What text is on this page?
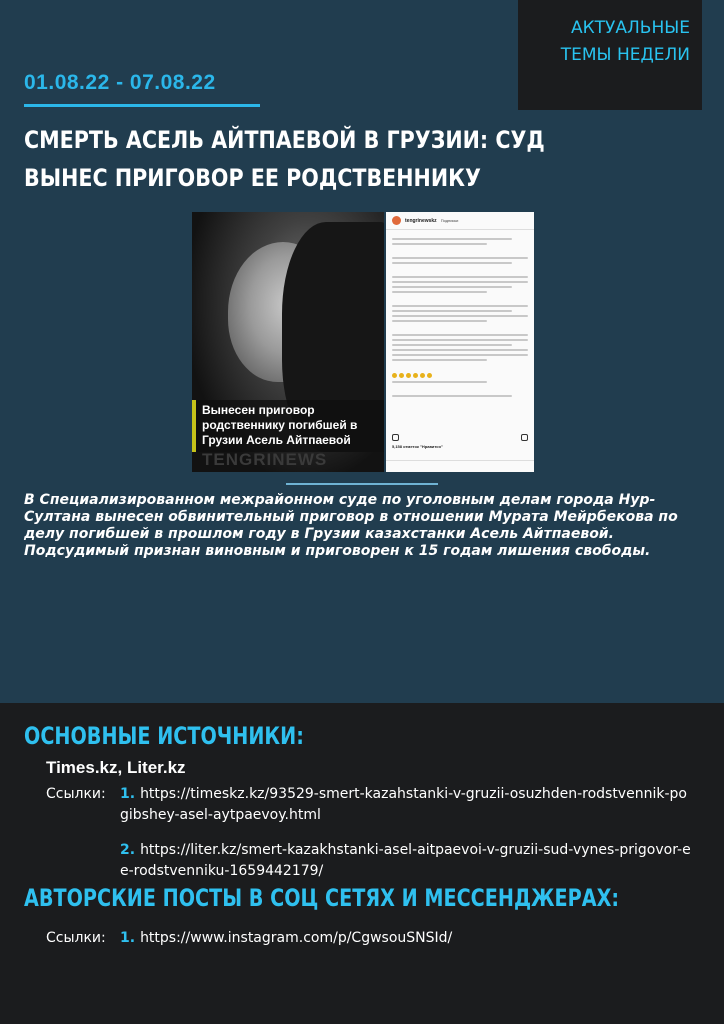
АКТУАЛЬНЫЕ ТЕМЫ НЕДЕЛИ
01.08.22 - 07.08.22
СМЕРТЬ АСЕЛЬ АЙТПАЕВОЙ В ГРУЗИИ: СУД ВЫНЕС ПРИГОВОР ЕЕ РОДСТВЕННИКУ
Вынесен приговор родственнику погибшей в Грузии Асель Айтпаевой
TENGRINEWS
tengrinewskz Подписки
5,158 отметок "Нравится"
В Специализированном межрайонном суде по уголовным делам города Нур-Султана вынесен обвинительный приговор в отношении Мурата Мейрбекова по делу погибшей в прошлом году в Грузии казахстанки Асель Айтпаевой. Подсудимый признан виновным и приговорен к 15 годам лишения свободы.
ОСНОВНЫЕ ИСТОЧНИКИ:
Times.kz, Liter.kz
Ссылки: 1. https://timeskz.kz/93529-smert-kazahstanki-v-gruzii-osuzhden-rodstvennik-pogibshey-asel-aytpaevoy.html
2. https://liter.kz/smert-kazakhstanki-asel-aitpaevoi-v-gruzii-sud-vynes-prigovor-ee-rodstvenniku-1659442179/
АВТОРСКИЕ ПОСТЫ В СОЦ СЕТЯХ И МЕССЕНДЖЕРАХ:
Ссылки: 1. https://www.instagram.com/p/CgwsouSNSId/
